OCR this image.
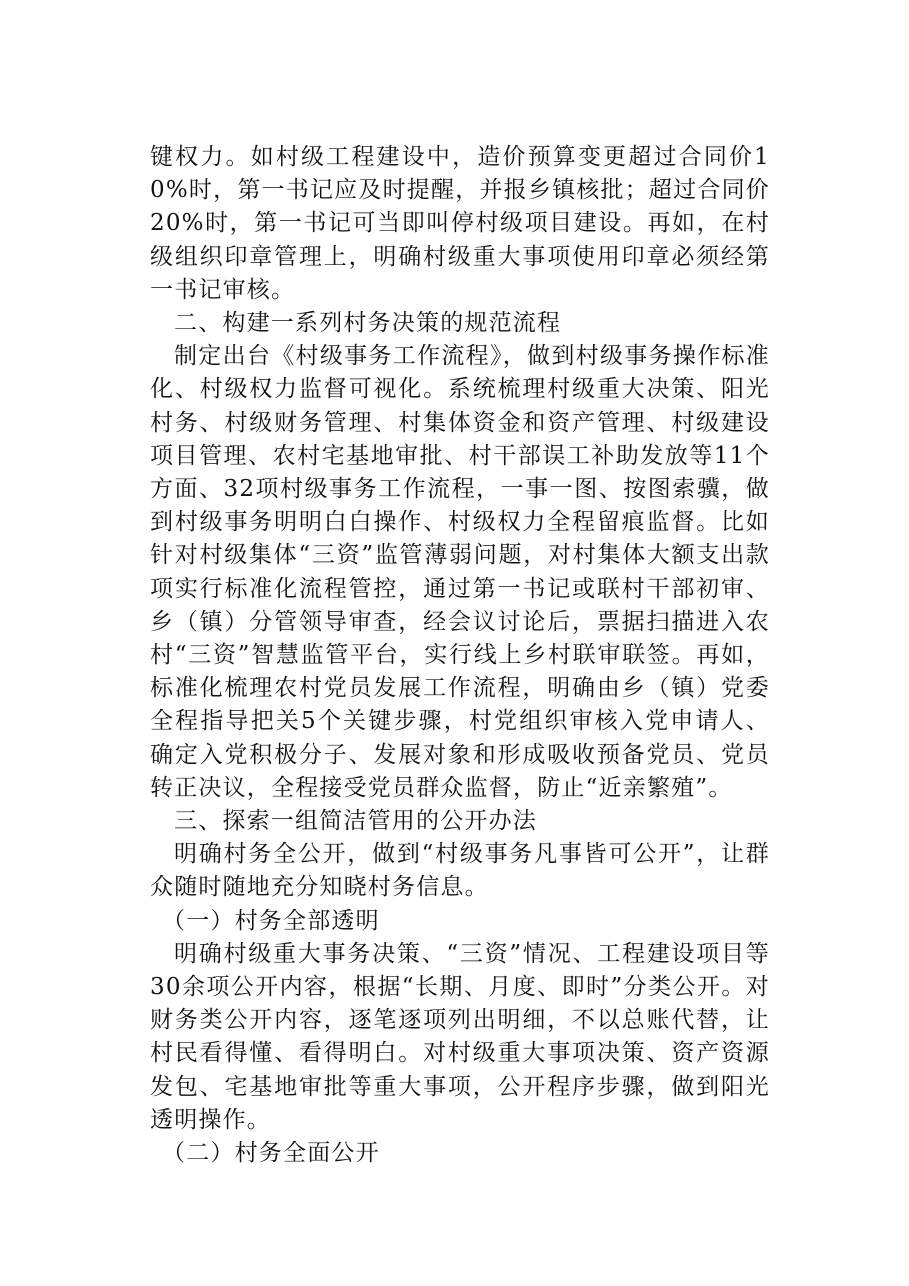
键权力。如村级工程建设中，造价预算变更超过合同价10%时，第一书记应及时提醒，并报乡镇核批；超过合同价20%时，第一书记可当即叫停村级项目建设。再如，在村级组织印章管理上，明确村级重大事项使用印章必须经第一书记审核。

二、构建一系列村务决策的规范流程

制定出台《村级事务工作流程》，做到村级事务操作标准化、村级权力监督可视化。系统梳理村级重大决策、阳光村务、村级财务管理、村集体资金和资产管理、村级建设项目管理、农村宅基地审批、村干部误工补助发放等11个方面、32项村级事务工作流程，一事一图、按图索骥，做到村级事务明明白白操作、村级权力全程留痕监督。比如针对村级集体“三资”监管薄弱问题，对村集体大额支出款项实行标准化流程管控，通过第一书记或联村干部初审、乡（镇）分管领导审查，经会议讨论后，票据扫描进入农村“三资”智慧监管平台，实行线上乡村联审联签。再如，标准化梳理农村党员发展工作流程，明确由乡（镇）党委全程指导把关5个关键步骤，村党组织审核入党申请人、确定入党积极分子、发展对象和形成吸收预备党员、党员转正决议，全程接受党员群众监督，防止“近亲繁殖”。

三、探索一组简洁管用的公开办法

明确村务全公开，做到“村级事务凡事皆可公开”，让群众随时随地充分知晓村务信息。

（一）村务全部透明

明确村级重大事务决策、“三资”情况、工程建设项目等30余项公开内容，根据“长期、月度、即时”分类公开。对财务类公开内容，逐笔逐项列出明细，不以总账代替，让村民看得懂、看得明白。对村级重大事项决策、资产资源发包、宅基地审批等重大事项，公开程序步骤，做到阳光透明操作。

（二）村务全面公开
